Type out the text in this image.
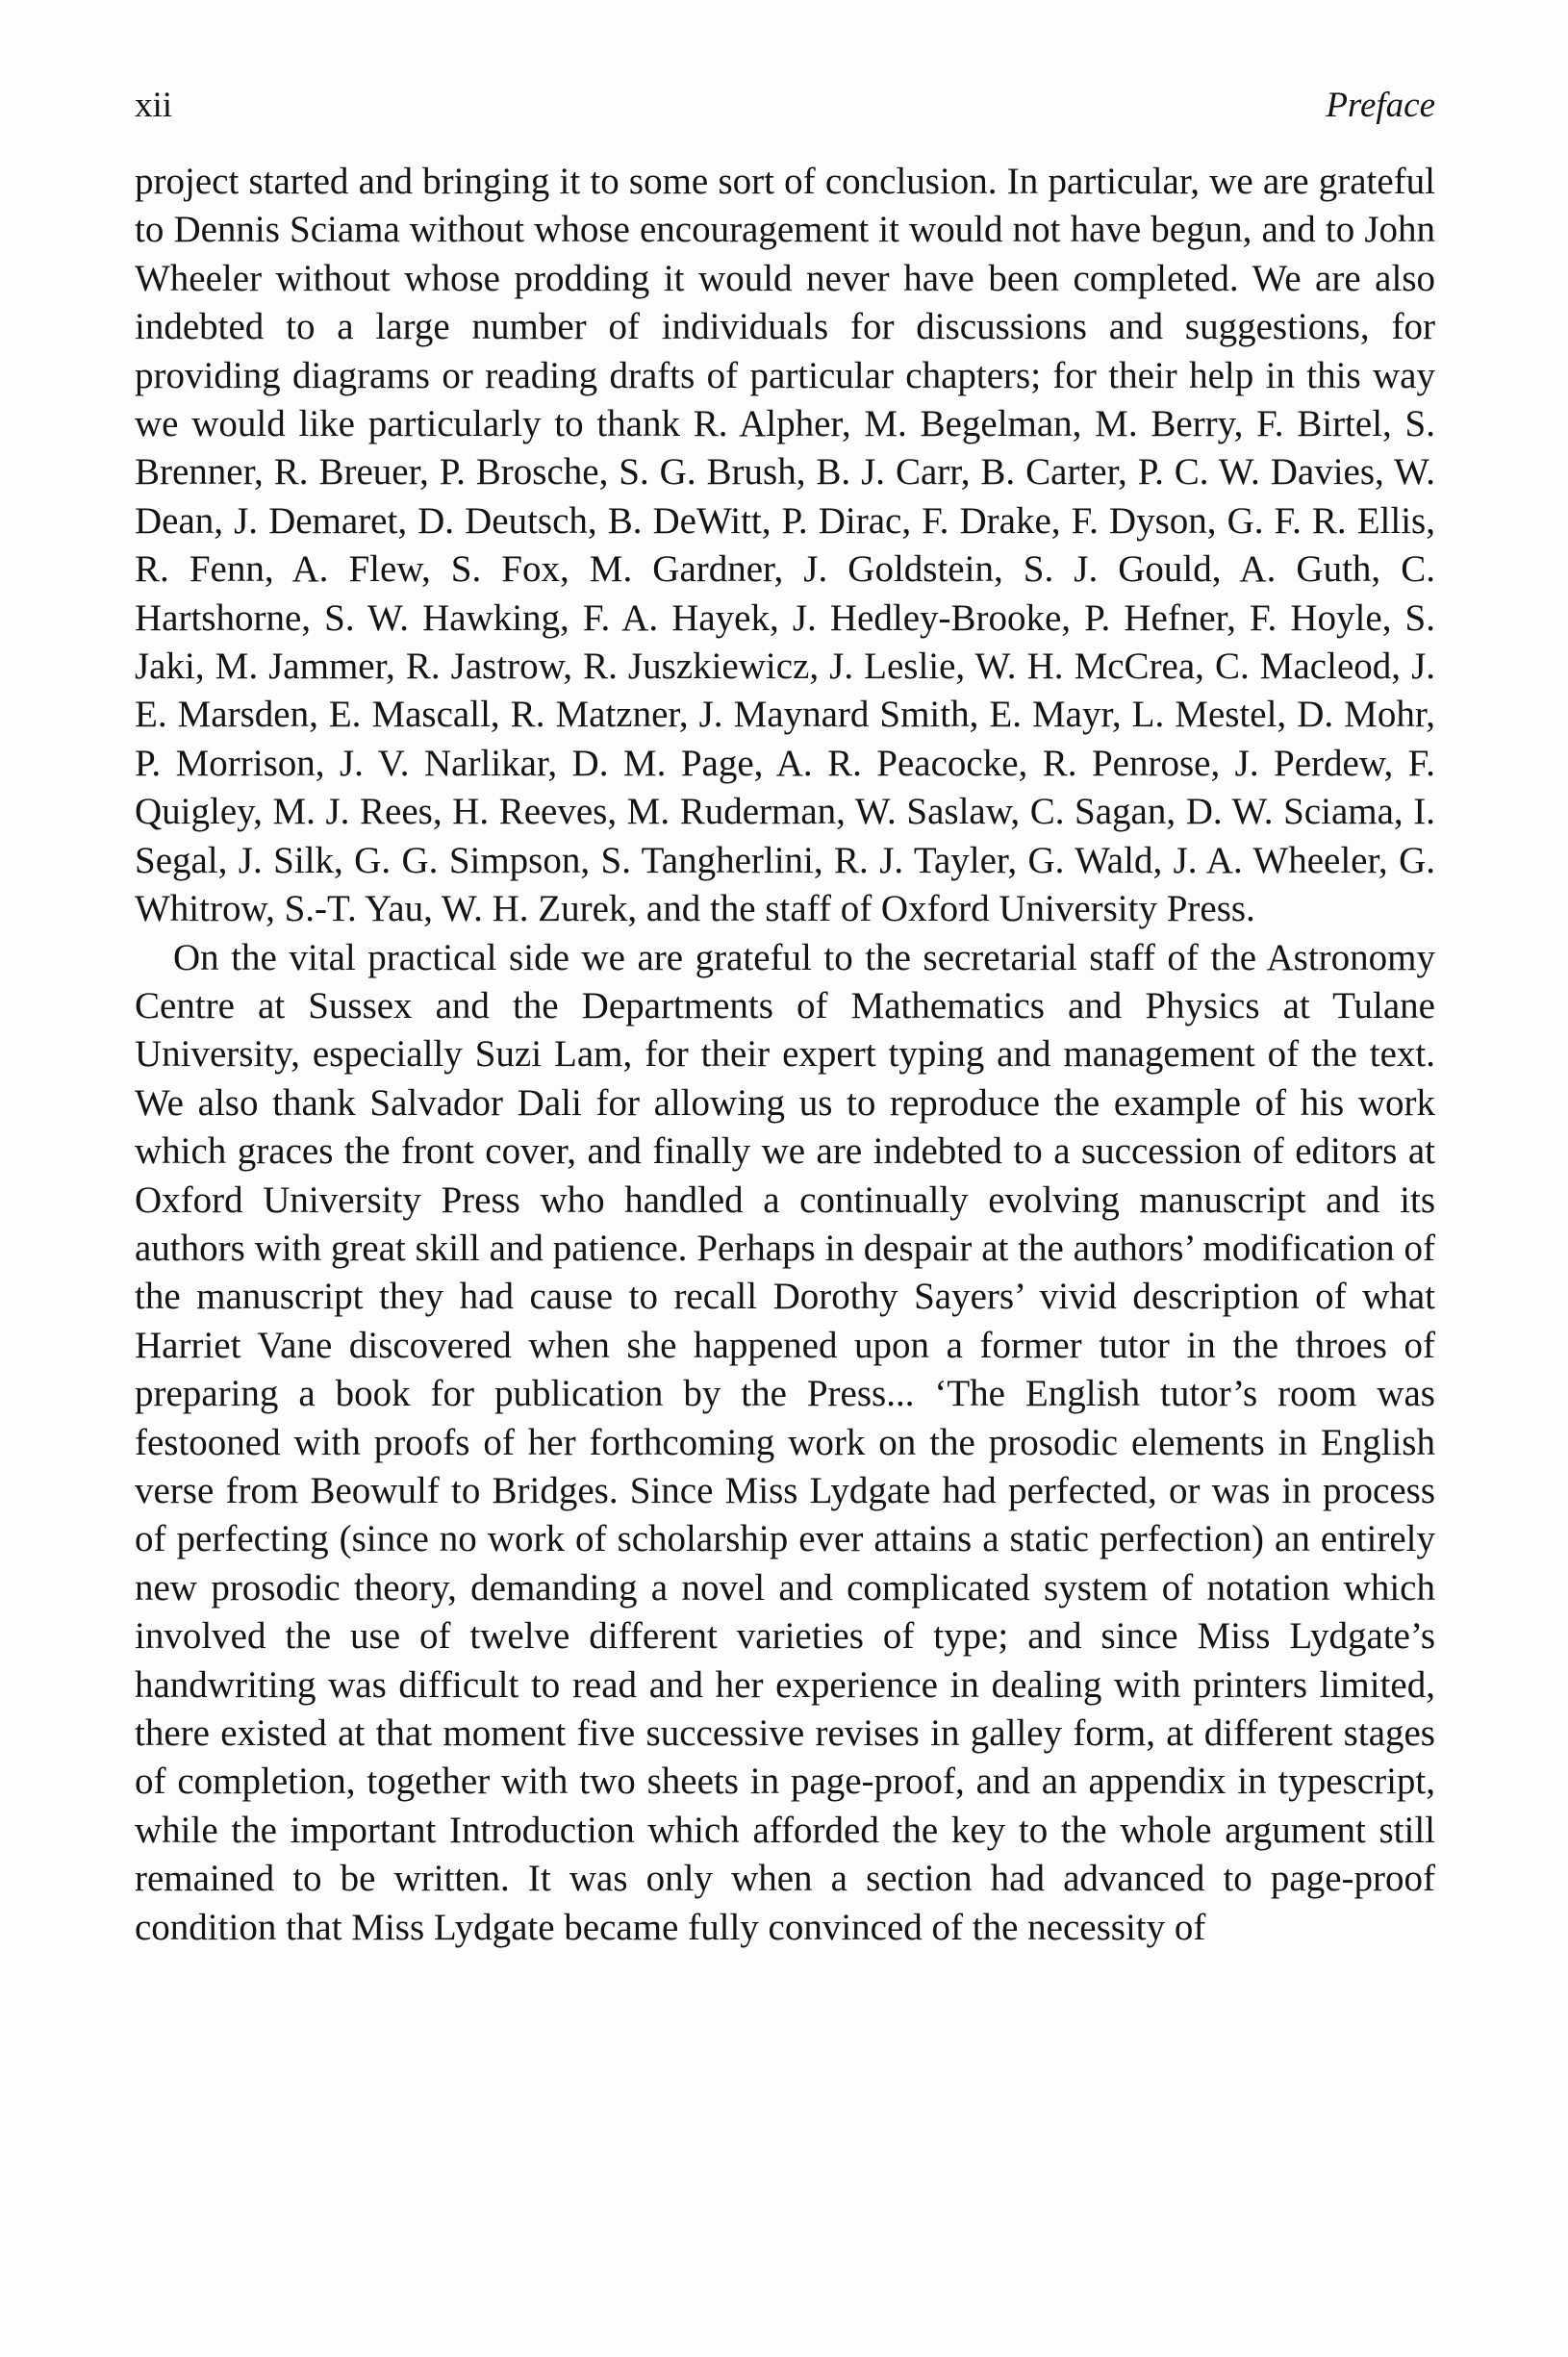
xii	Preface

project started and bringing it to some sort of conclusion. In particular, we are grateful to Dennis Sciama without whose encouragement it would not have begun, and to John Wheeler without whose prodding it would never have been completed. We are also indebted to a large number of individuals for discussions and suggestions, for providing diagrams or reading drafts of particular chapters; for their help in this way we would like particularly to thank R. Alpher, M. Begelman, M. Berry, F. Birtel, S. Brenner, R. Breuer, P. Brosche, S. G. Brush, B. J. Carr, B. Carter, P. C. W. Davies, W. Dean, J. Demaret, D. Deutsch, B. DeWitt, P. Dirac, F. Drake, F. Dyson, G. F. R. Ellis, R. Fenn, A. Flew, S. Fox, M. Gardner, J. Goldstein, S. J. Gould, A. Guth, C. Hartshorne, S. W. Hawking, F. A. Hayek, J. Hedley-Brooke, P. Hefner, F. Hoyle, S. Jaki, M. Jammer, R. Jastrow, R. Juszkiewicz, J. Leslie, W. H. McCrea, C. Macleod, J. E. Marsden, E. Mascall, R. Matzner, J. Maynard Smith, E. Mayr, L. Mestel, D. Mohr, P. Morrison, J. V. Narlikar, D. M. Page, A. R. Peacocke, R. Penrose, J. Perdew, F. Quigley, M. J. Rees, H. Reeves, M. Ruderman, W. Saslaw, C. Sagan, D. W. Sciama, I. Segal, J. Silk, G. G. Simpson, S. Tangherlini, R. J. Tayler, G. Wald, J. A. Wheeler, G. Whitrow, S.-T. Yau, W. H. Zurek, and the staff of Oxford University Press.

On the vital practical side we are grateful to the secretarial staff of the Astronomy Centre at Sussex and the Departments of Mathematics and Physics at Tulane University, especially Suzi Lam, for their expert typing and management of the text. We also thank Salvador Dali for allowing us to reproduce the example of his work which graces the front cover, and finally we are indebted to a succession of editors at Oxford University Press who handled a continually evolving manuscript and its authors with great skill and patience. Perhaps in despair at the authors’ modification of the manuscript they had cause to recall Dorothy Sayers’ vivid description of what Harriet Vane discovered when she happened upon a former tutor in the throes of preparing a book for publication by the Press... ‘The English tutor’s room was festooned with proofs of her forthcoming work on the prosodic elements in English verse from Beowulf to Bridges. Since Miss Lydgate had perfected, or was in process of perfecting (since no work of scholarship ever attains a static perfection) an entirely new prosodic theory, demanding a novel and complicated system of notation which involved the use of twelve different varieties of type; and since Miss Lydgate’s handwriting was difficult to read and her experience in dealing with printers limited, there existed at that moment five successive revises in galley form, at different stages of completion, together with two sheets in page-proof, and an appendix in typescript, while the important Introduction which afforded the key to the whole argument still remained to be written. It was only when a section had advanced to page-proof condition that Miss Lydgate became fully convinced of the necessity of
